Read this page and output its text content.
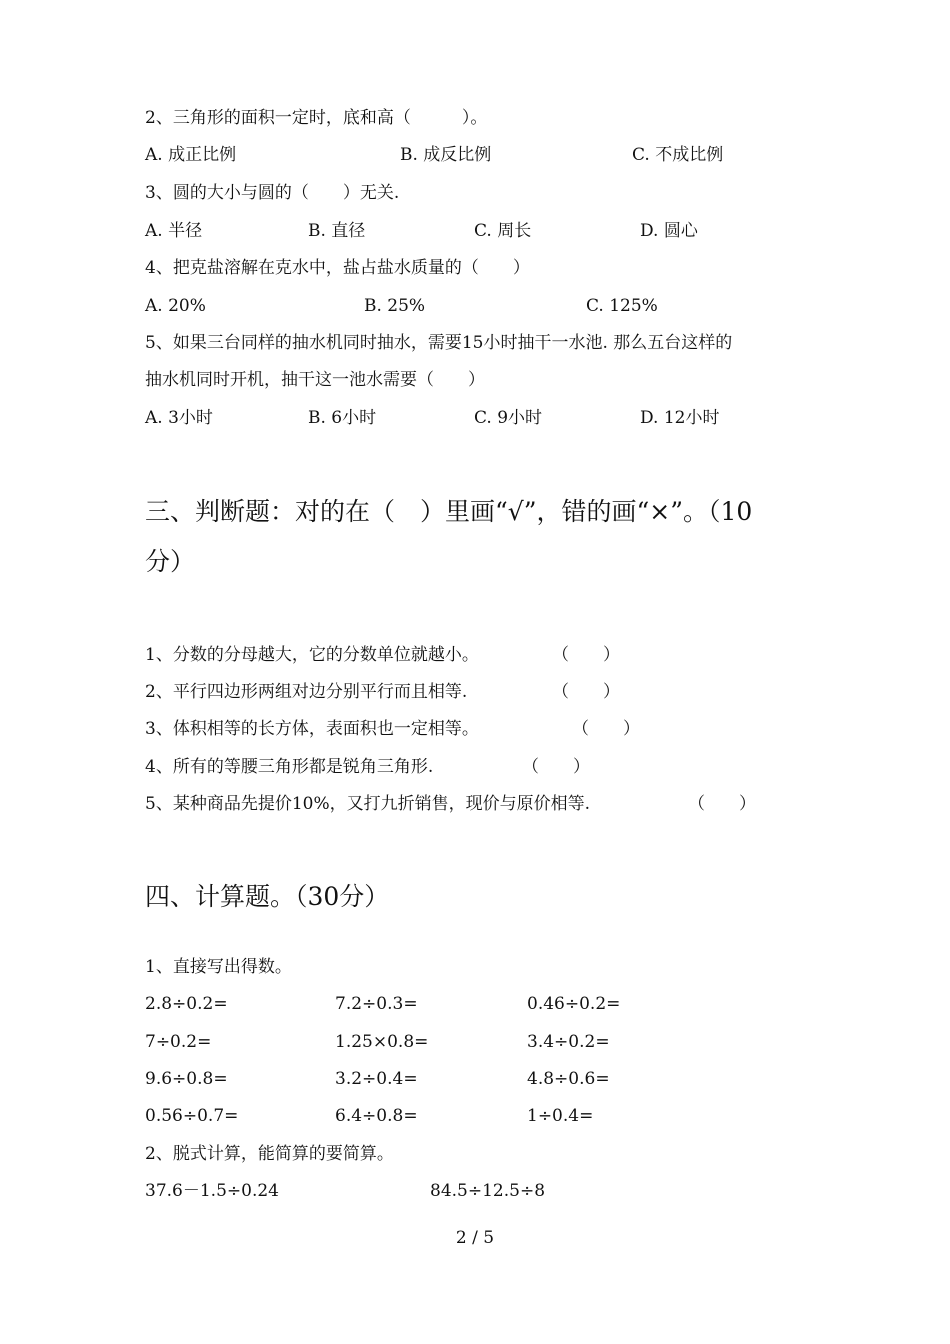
2、三角形的面积一定时，底和高（　　　）。
A. 成正比例	B. 成反比例	C. 不成比例
3、圆的大小与圆的（　　）无关.
A. 半径	B. 直径	C. 周长	D. 圆心
4、把克盐溶解在克水中，盐占盐水质量的（　　）
A. 20%	B. 25%	C. 125%
5、如果三台同样的抽水机同时抽水，需要15小时抽干一水池. 那么五台这样的
抽水机同时开机，抽干这一池水需要（　　）
A. 3小时	B. 6小时	C. 9小时	D. 12小时
三、判断题：对的在（　）里画“√”，错的画“×”。（10
分）
1、分数的分母越大，它的分数单位就越小。	（　　）
2、平行四边形两组对边分别平行而且相等.	（　　）
3、体积相等的长方体，表面积也一定相等。	（　　）
4、所有的等腰三角形都是锐角三角形.	（　　）
5、某种商品先提价10%，又打九折销售，现价与原价相等.	（　　）
四、计算题。（30分）
1、直接写出得数。
2.8÷0.2=	7.2÷0.3=	0.46÷0.2=
7÷0.2=	1.25×0.8=	3.4÷0.2=
9.6÷0.8=	3.2÷0.4=	4.8÷0.6=
0.56÷0.7=	6.4÷0.8=	1÷0.4=
2、脱式计算，能简算的要简算。
37.6－1.5÷0.24	84.5÷12.5÷8
2 / 5
